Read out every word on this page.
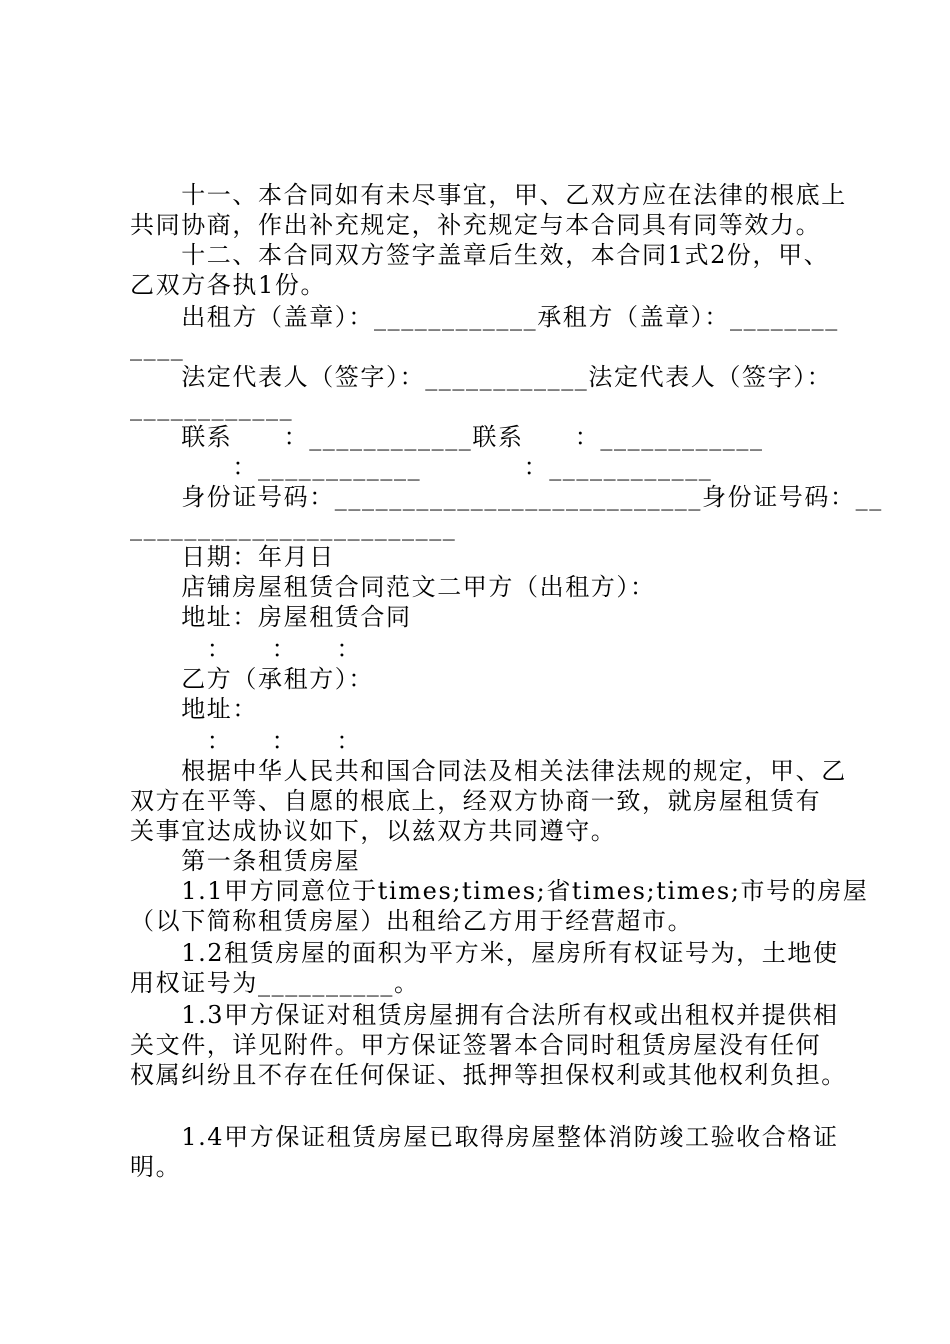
　　十一、本合同如有未尽事宜，甲、乙双方应在法律的根底上
共同协商，作出补充规定，补充规定与本合同具有同等效力。
　　十二、本合同双方签字盖章后生效，本合同1式2份，甲、
乙双方各执1份。
　　出租方（盖章）：____________承租方（盖章）：________
____
　　法定代表人（签字）：____________法定代表人（签字）：
____________
　　联系　　：____________联系　　：____________
　　　　：____________　　　　：____________
　　身份证号码：___________________________身份证号码：__
________________________
　　日期：年月日
　　店铺房屋租赁合同范文二甲方（出租方）：
　　地址：房屋租赁合同
　　　：　　：　　：
　　乙方（承租方）：
　　地址：
　　　：　　：　　：
　　根据中华人民共和国合同法及相关法律法规的规定，甲、乙
双方在平等、自愿的根底上，经双方协商一致，就房屋租赁有
关事宜达成协议如下，以兹双方共同遵守。
　　第一条租赁房屋
　　1.1甲方同意位于times;times;省times;times;市号的房屋
（以下简称租赁房屋）出租给乙方用于经营超市。
　　1.2租赁房屋的面积为平方米，屋房所有权证号为，土地使
用权证号为__________。
　　1.3甲方保证对租赁房屋拥有合法所有权或出租权并提供相
关文件，详见附件。甲方保证签署本合同时租赁房屋没有任何
权属纠纷且不存在任何保证、抵押等担保权利或其他权利负担。
　　1.4甲方保证租赁房屋已取得房屋整体消防竣工验收合格证
明。
